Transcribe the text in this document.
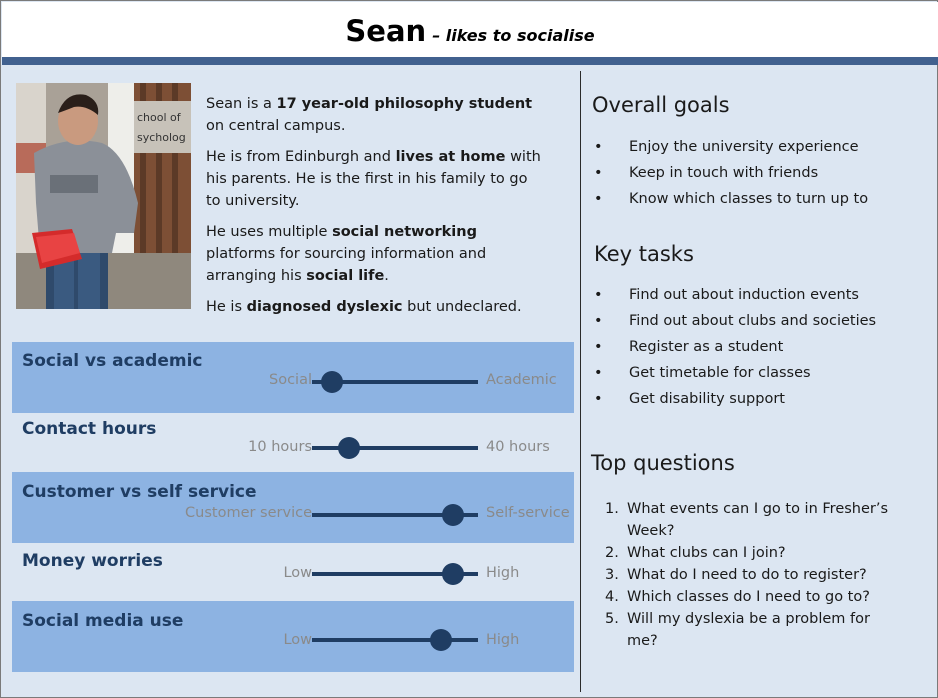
Sean – likes to socialise
chool of
sycholog

Sean is a 17 year-old philosophy student on central campus.

He is from Edinburgh and lives at home with his parents. He is the first in his family to go to university.

He uses multiple social networking platforms for sourcing information and arranging his social life.

He is diagnosed dyslexic but undeclared.

Social vs academic
Social	Academic
Contact hours
10 hours	40 hours
Customer vs self service
Customer service	Self-service
Money worries
Low	High
Social media use
Low	High
Overall goals
• Enjoy the university experience
• Keep in touch with friends
• Know which classes to turn up to
Key tasks
• Find out about induction events
• Find out about clubs and societies
• Register as a student
• Get timetable for classes
• Get disability support
Top questions
1. What events can I go to in Fresher’s Week?
2. What clubs can I join?
3. What do I need to do to register?
4. Which classes do I need to go to?
5. Will my dyslexia be a problem for me?
